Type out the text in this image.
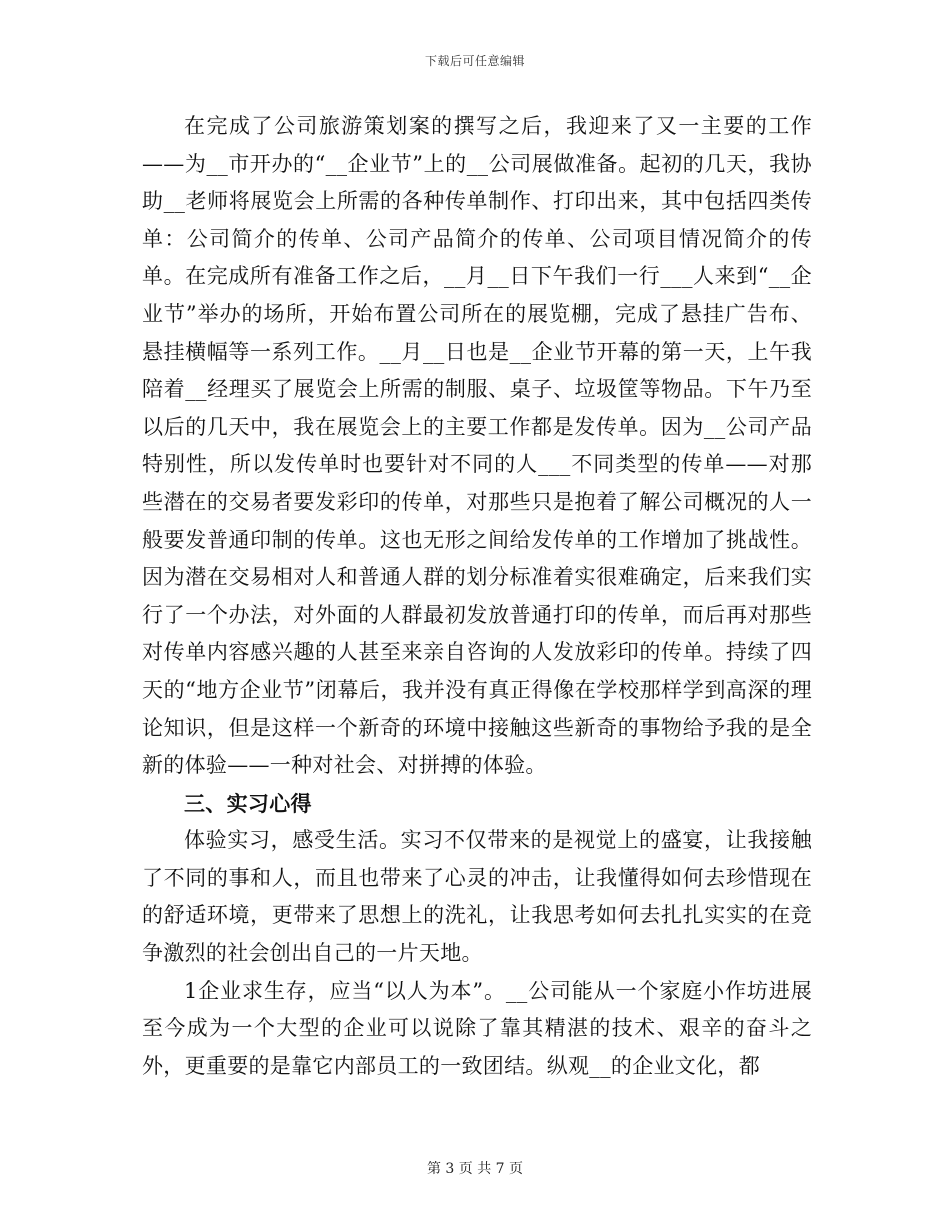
下载后可任意编辑

在完成了公司旅游策划案的撰写之后，我迎来了又一主要的工作——为__市开办的“__企业节”上的__公司展做准备。起初的几天，我协助__老师将展览会上所需的各种传单制作、打印出来，其中包括四类传单：公司简介的传单、公司产品简介的传单、公司项目情况简介的传单。在完成所有准备工作之后，__月__日下午我们一行___人来到“__企业节”举办的场所，开始布置公司所在的展览棚，完成了悬挂广告布、悬挂横幅等一系列工作。__月__日也是__企业节开幕的第一天，上午我陪着__经理买了展览会上所需的制服、桌子、垃圾筐等物品。下午乃至以后的几天中，我在展览会上的主要工作都是发传单。因为__公司产品特别性，所以发传单时也要针对不同的人___不同类型的传单——对那些潜在的交易者要发彩印的传单，对那些只是抱着了解公司概况的人一般要发普通印制的传单。这也无形之间给发传单的工作增加了挑战性。因为潜在交易相对人和普通人群的划分标准着实很难确定，后来我们实行了一个办法，对外面的人群最初发放普通打印的传单，而后再对那些对传单内容感兴趣的人甚至来亲自咨询的人发放彩印的传单。持续了四天的“地方企业节”闭幕后，我并没有真正得像在学校那样学到高深的理论知识，但是这样一个新奇的环境中接触这些新奇的事物给予我的是全新的体验——一种对社会、对拼搏的体验。

三、实习心得

体验实习，感受生活。实习不仅带来的是视觉上的盛宴，让我接触了不同的事和人，而且也带来了心灵的冲击，让我懂得如何去珍惜现在的舒适环境，更带来了思想上的洗礼，让我思考如何去扎扎实实的在竞争激烈的社会创出自己的一片天地。

1企业求生存，应当“以人为本”。__公司能从一个家庭小作坊进展至今成为一个大型的企业可以说除了靠其精湛的技术、艰辛的奋斗之外，更重要的是靠它内部员工的一致团结。纵观__的企业文化，都

第 3 页 共 7 页
